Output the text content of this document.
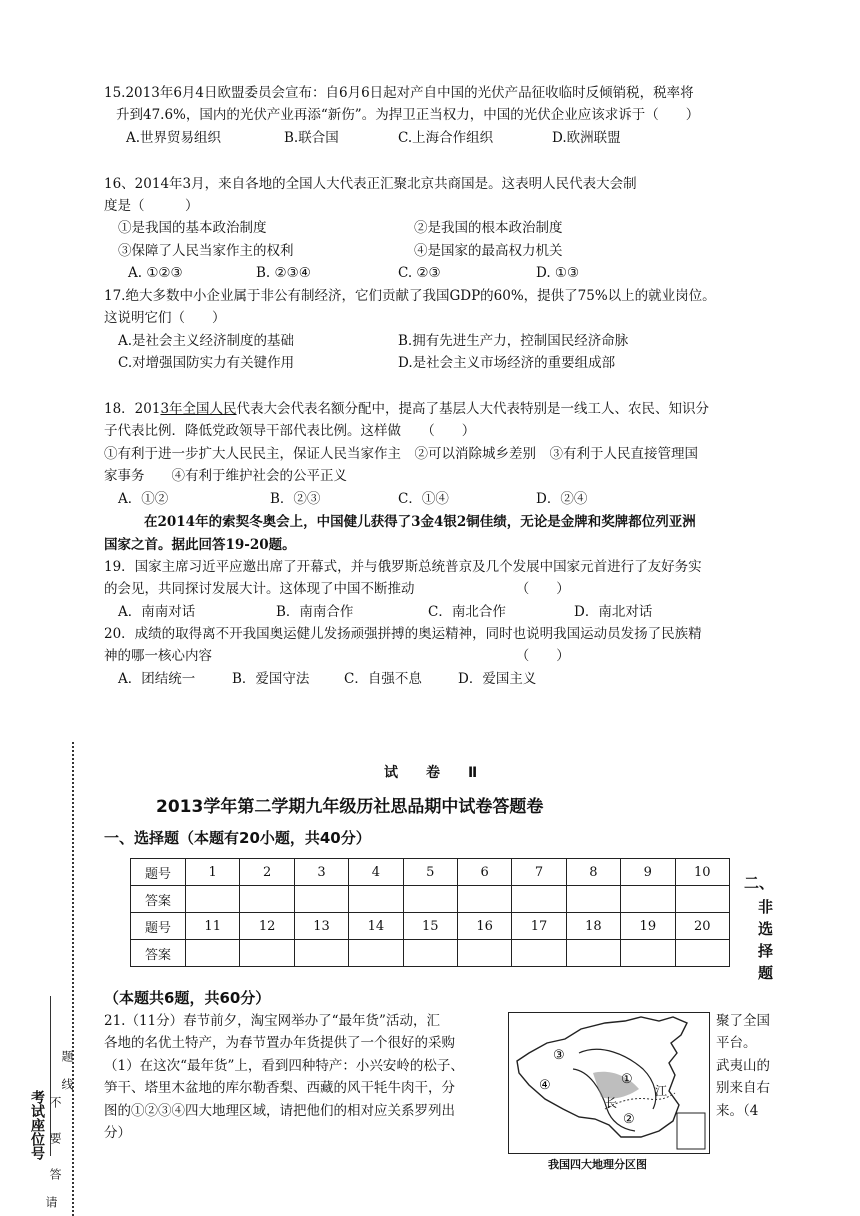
15.2013年6月4日欧盟委员会宣布：自6月6日起对产自中国的光伏产品征收临时反倾销税，税率将
升到47.6%，国内的光伏产业再添“新伤”。为捍卫正当权力，中国的光伏企业应该求诉于（　　）
A.世界贸易组织	B.联合国	C.上海合作组织	D.欧洲联盟
16、2014年3月，来自各地的全国人大代表正汇聚北京共商国是。这表明人民代表大会制
度是（　　　）
①是我国的基本政治制度	②是我国的根本政治制度
③保障了人民当家作主的权利	④是国家的最高权力机关
A. ①②③	B. ②③④	C. ②③	D. ①③
17.绝大多数中小企业属于非公有制经济，它们贡献了我国GDP的60%，提供了75%以上的就业岗位。
这说明它们（　　）
A.是社会主义经济制度的基础	B.拥有先进生产力，控制国民经济命脉
C.对增强国防实力有关键作用	D.是社会主义市场经济的重要组成部
18．2013年全国人民代表大会代表名额分配中，提高了基层人大代表特别是一线工人、农民、知识分
子代表比例．降低党政领导干部代表比例。这样做　　（　　）
①有利于进一步扩大人民民主，保证人民当家作主　②可以消除城乡差别　③有利于人民直接管理国
家事务　　④有利于维护社会的公平正义
A．①②	B．②③	C．①④	D．②④
在2014年的索契冬奥会上，中国健儿获得了3金4银2铜佳绩，无论是金牌和奖牌都位列亚洲
国家之首。据此回答19-20题。
19．国家主席习近平应邀出席了开幕式，并与俄罗斯总统普京及几个发展中国家元首进行了友好务实
的会见，共同探讨发展大计。这体现了中国不断推动　　　　　　　　（　　）
A．南南对话	B．南南合作	C．南北合作	D．南北对话
20．成绩的取得离不开我国奥运健儿发扬顽强拼搏的奥运精神，同时也说明我国运动员发扬了民族精
神的哪一核心内容　　　　　　　　　　　　　　　　　　　　　　　（　　）
A．团结统一	B．爱国守法	C．自强不息	D．爱国主义
考试座位号 不　要　答
题
线
请
试　　卷　　Ⅱ
2013学年第二学期九年级历社思品期中试卷答题卷
一、选择题（本题有20小题，共40分）
题号	1	2	3	4	5	6	7	8	9	10
答案										
题号	11	12	13	14	15	16	17	18	19	20
答案										
二、
非
选
择
题
（本题共6题，共60分）
21.（11分）春节前夕，淘宝网举办了“最年货”活动，汇
各地的名优土特产，为春节置办年货提供了一个很好的采购
（1）在这次“最年货”上，看到四种特产：小兴安岭的松子、
笋干、塔里木盆地的库尔勒香梨、西藏的风干牦牛肉干，分
图的①②③④四大地理区域，请把他们的相对应关系罗列出
分）
聚了全国
平台。
武夷山的
别来自右
来。（4
③
④	①
②
长
江
我国四大地理分区图
